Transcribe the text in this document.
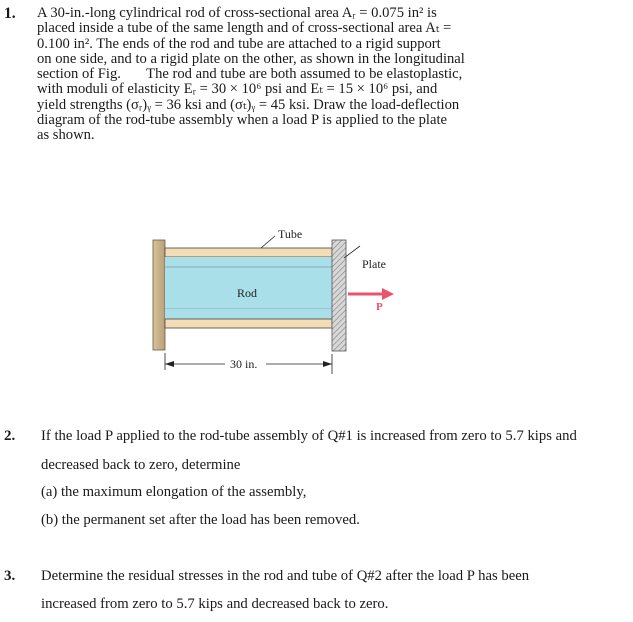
1. A 30-in.-long cylindrical rod of cross-sectional area Aᵣ = 0.075 in² is

placed inside a tube of the same length and of cross-sectional area Aₜ =

0.100 in². The ends of the rod and tube are attached to a rigid support

on one side, and to a rigid plate on the other, as shown in the longitudinal

section of Fig.       The rod and tube are both assumed to be elastoplastic,

with moduli of elasticity Eᵣ = 30 × 10⁶ psi and Eₜ = 15 × 10⁶ psi, and

yield strengths (σᵣ)ᵧ = 36 ksi and (σₜ)ᵧ = 45 ksi. Draw the load-deflection

diagram of the rod-tube assembly when a load P is applied to the plate

as shown.

Tube
Plate
Rod
P
30 in.
2. If the load P applied to the rod-tube assembly of Q#1 is increased from zero to 5.7 kips and
decreased back to zero, determine
(a) the maximum elongation of the assembly,
(b) the permanent set after the load has been removed.
3. Determine the residual stresses in the rod and tube of Q#2 after the load P has been
increased from zero to 5.7 kips and decreased back to zero.
